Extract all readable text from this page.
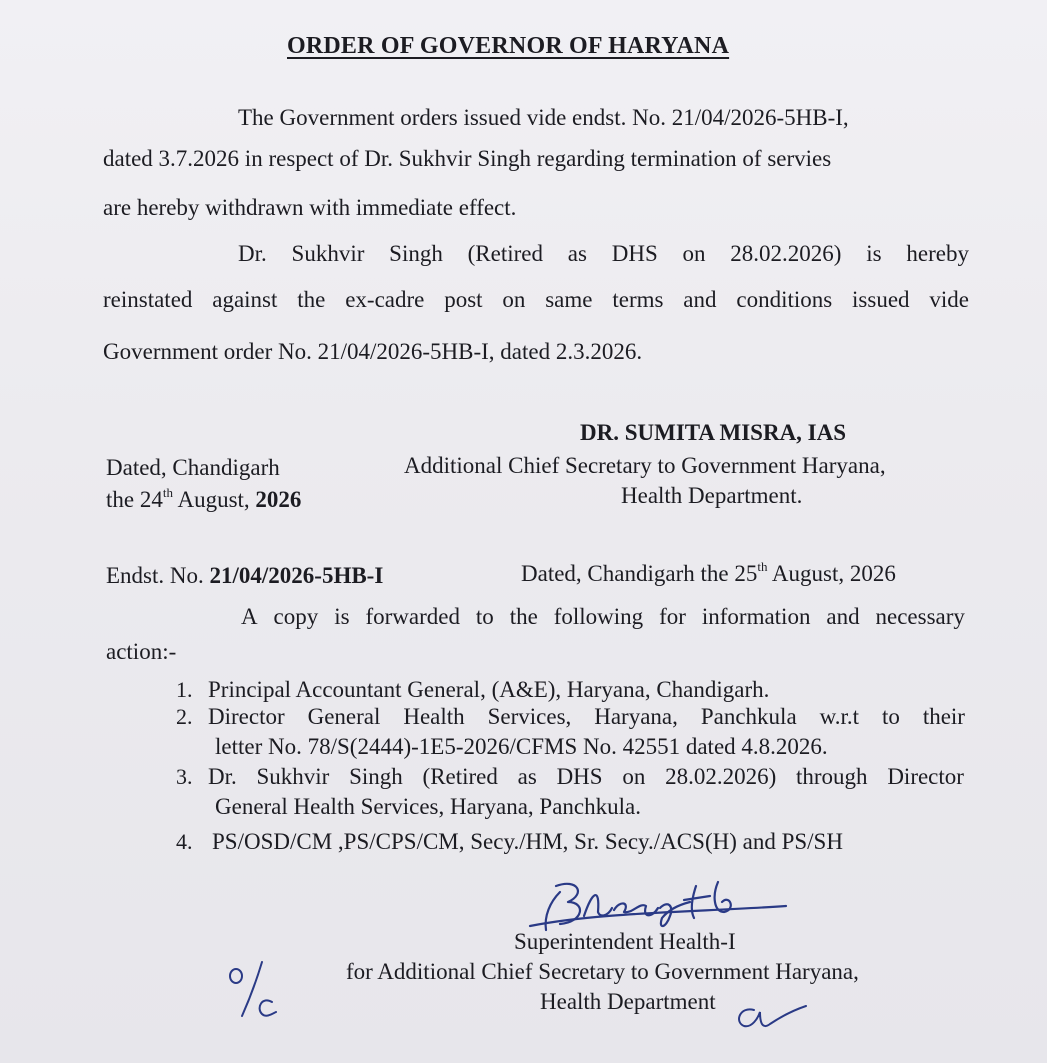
ORDER OF GOVERNOR OF HARYANA
The Government orders issued vide endst. No. 21/04/2026-5HB-I,
dated 3.7.2026 in respect of Dr. Sukhvir Singh regarding termination of servies
are hereby withdrawn with immediate effect.
Dr. Sukhvir Singh (Retired as DHS on 28.02.2026) is hereby
reinstated against the ex-cadre post on same terms and conditions issued vide
Government order No. 21/04/2026-5HB-I, dated 2.3.2026.
DR. SUMITA MISRA, IAS
Additional Chief Secretary to Government Haryana,
Health Department.
Dated, Chandigarh
the 24th August, 2026
Endst. No. 21/04/2026-5HB-I	Dated, Chandigarh the 25th August, 2026
A copy is forwarded to the following for information and necessary
action:-
1. Principal Accountant General, (A&E), Haryana, Chandigarh.
2. Director General Health Services, Haryana, Panchkula w.r.t to their
letter No. 78/S(2444)-1E5-2026/CFMS No. 42551 dated 4.8.2026.
3. Dr. Sukhvir Singh (Retired as DHS on 28.02.2026) through Director
General Health Services, Haryana, Panchkula.
4. PS/OSD/CM ,PS/CPS/CM, Secy./HM, Sr. Secy./ACS(H) and PS/SH
Superintendent Health-I
for Additional Chief Secretary to Government Haryana,
Health Department
